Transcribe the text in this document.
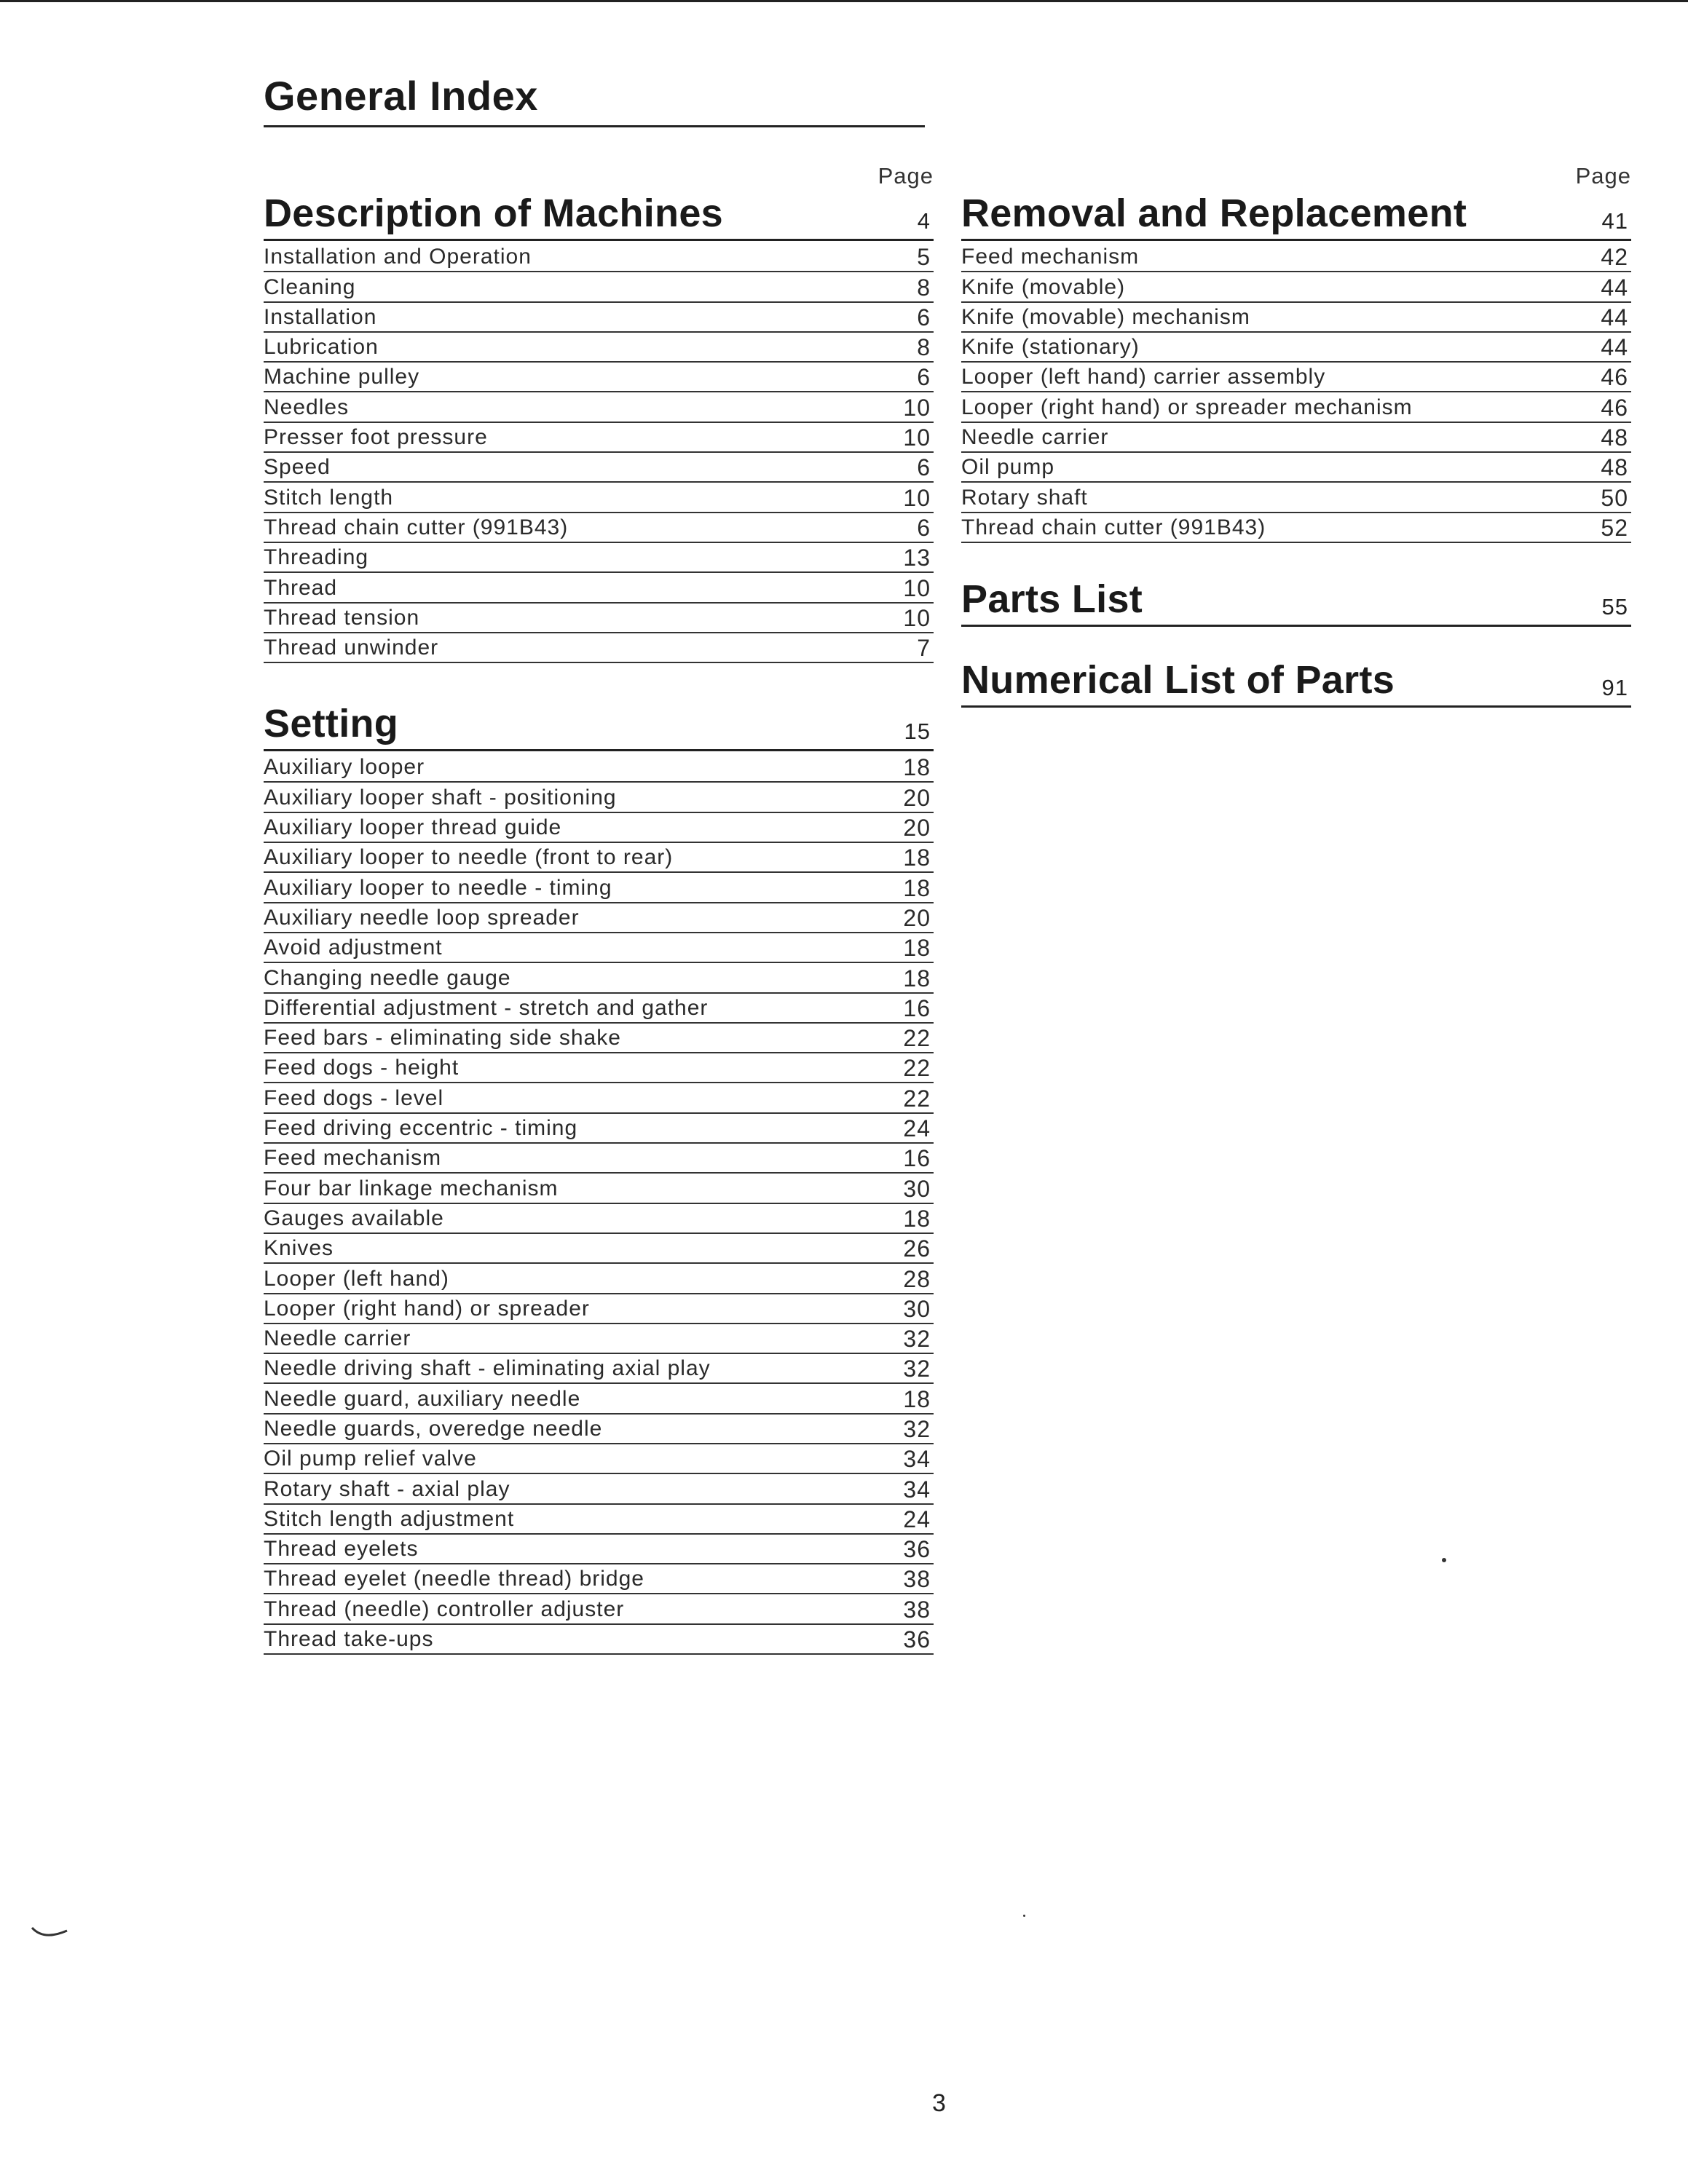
General Index
Page
Description of Machines	4
Installation and Operation	5
Cleaning	8
Installation	6
Lubrication	8
Machine pulley	6
Needles	10
Presser foot pressure	10
Speed	6
Stitch length	10
Thread chain cutter (991B43)	6
Threading	13
Thread	10
Thread tension	10
Thread unwinder	7
Setting	15
Auxiliary looper	18
Auxiliary looper shaft - positioning	20
Auxiliary looper thread guide	20
Auxiliary looper to needle (front to rear)	18
Auxiliary looper to needle - timing	18
Auxiliary needle loop spreader	20
Avoid adjustment	18
Changing needle gauge	18
Differential adjustment - stretch and gather	16
Feed bars - eliminating side shake	22
Feed dogs - height	22
Feed dogs - level	22
Feed driving eccentric - timing	24
Feed mechanism	16
Four bar linkage mechanism	30
Gauges available	18
Knives	26
Looper (left hand)	28
Looper (right hand) or spreader	30
Needle carrier	32
Needle driving shaft - eliminating axial play	32
Needle guard, auxiliary needle	18
Needle guards, overedge needle	32
Oil pump relief valve	34
Rotary shaft - axial play	34
Stitch length adjustment	24
Thread eyelets	36
Thread eyelet (needle thread) bridge	38
Thread (needle) controller adjuster	38
Thread take-ups	36
Page
Removal and Replacement	41
Feed mechanism	42
Knife (movable)	44
Knife (movable) mechanism	44
Knife (stationary)	44
Looper (left hand) carrier assembly	46
Looper (right hand) or spreader mechanism	46
Needle carrier	48
Oil pump	48
Rotary shaft	50
Thread chain cutter (991B43)	52
Parts List	55
Numerical List of Parts	91
3
